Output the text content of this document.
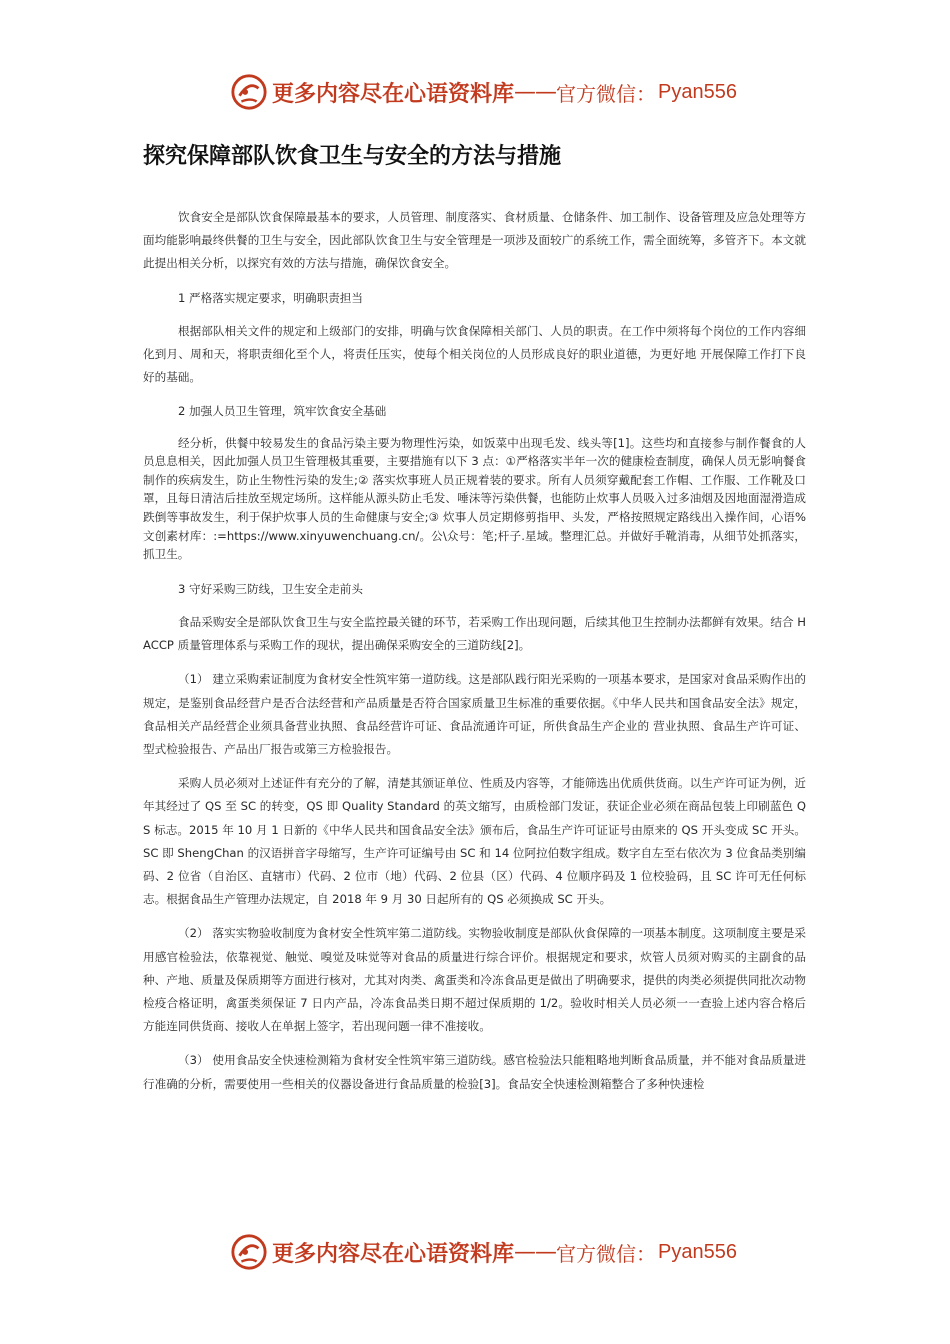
更多内容尽在心语资料库 —— 官方微信： Pyan556
探究保障部队饮食卫生与安全的方法与措施

饮食安全是部队饮食保障最基本的要求，人员管理、制度落实、食材质量、仓储条件、加工制作、设备管理及应急处理等方面均能影响最终供餐的卫生与安全，因此部队饮食卫生与安全管理是一项涉及面较广的系统工作，需全面统筹，多管齐下。本文就此提出相关分析，以探究有效的方法与措施，确保饮食安全。

1 严格落实规定要求，明确职责担当

根据部队相关文件的规定和上级部门的安排，明确与饮食保障相关部门、人员的职责。在工作中须将每个岗位的工作内容细化到月、周和天，将职责细化至个人，将责任压实，使每个相关岗位的人员形成良好的职业道德，为更好地 开展保障工作打下良好的基础。

2 加强人员卫生管理，筑牢饮食安全基础

经分析，供餐中较易发生的食品污染主要为物理性污染，如饭菜中出现毛发、线头等[1]。这些均和直接参与制作餐食的人员息息相关，因此加强人员卫生管理极其重要，主要措施有以下 3 点：①严格落实半年一次的健康检查制度，确保人员无影响餐食制作的疾病发生，防止生物性污染的发生;② 落实炊事班人员正规着装的要求。所有人员须穿戴配套工作帽、工作服、工作靴及口罩，且每日清洁后挂放至规定场所。这样能从源头防止毛发、唾沫等污染供餐，也能防止炊事人员吸入过多油烟及因地面湿滑造成跌倒等事故发生，利于保护炊事人员的生命健康与安全;③ 炊事人员定期修剪指甲、头发，严格按照规定路线出入操作间，心语%文创素材库：:=https://www.xinyuwenchuang.cn/。公\众号：笔;杆子.星域。整理汇总。并做好手靴消毒，从细节处抓落实，抓卫生。

3 守好采购三防线，卫生安全走前头

食品采购安全是部队饮食卫生与安全监控最关键的环节，若采购工作出现问题，后续其他卫生控制办法都鲜有效果。结合 HACCP 质量管理体系与采购工作的现状，提出确保采购安全的三道防线[2]。

（1） 建立采购索证制度为食材安全性筑牢第一道防线。这是部队践行阳光采购的一项基本要求，是国家对食品采购作出的规定，是鉴别食品经营户是否合法经营和产品质量是否符合国家质量卫生标准的重要依据。《中华人民共和国食品安全法》规定，食品相关产品经营企业须具备营业执照、食品经营许可证、食品流通许可证，所供食品生产企业的 营业执照、食品生产许可证、型式检验报告、产品出厂报告或第三方检验报告。

采购人员必须对上述证件有充分的了解，清楚其颁证单位、性质及内容等，才能筛选出优质供货商。以生产许可证为例，近年其经过了 QS 至 SC 的转变，QS 即 Quality Standard 的英文缩写，由质检部门发证，获证企业必须在商品包装上印刷蓝色 QS 标志。2015 年 10 月 1 日新的《中华人民共和国食品安全法》颁布后，食品生产许可证证号由原来的 QS 开头变成 SC 开头。SC 即 ShengChan 的汉语拼音字母缩写，生产许可证编号由 SC 和 14 位阿拉伯数字组成。数字自左至右依次为 3 位食品类别编码、2 位省（自治区、直辖市）代码、2 位市（地）代码、2 位县（区）代码、4 位顺序码及 1 位校验码，且 SC 许可无任何标志。根据食品生产管理办法规定，自 2018 年 9 月 30 日起所有的 QS 必须换成 SC 开头。

（2） 落实实物验收制度为食材安全性筑牢第二道防线。实物验收制度是部队伙食保障的一项基本制度。这项制度主要是采用感官检验法，依靠视觉、触觉、嗅觉及味觉等对食品的质量进行综合评价。根据规定和要求，炊管人员须对购买的主副食的品种、产地、质量及保质期等方面进行核对，尤其对肉类、禽蛋类和冷冻食品更是做出了明确要求，提供的肉类必须提供同批次动物检疫合格证明，禽蛋类须保证 7 日内产品，冷冻食品类日期不超过保质期的 1/2。验收时相关人员必须一一查验上述内容合格后方能连同供货商、接收人在单据上签字，若出现问题一律不准接收。

（3） 使用食品安全快速检测箱为食材安全性筑牢第三道防线。感官检验法只能粗略地判断食品质量，并不能对食品质量进行准确的分析，需要使用一些相关的仪器设备进行食品质量的检验[3]。食品安全快速检测箱整合了多种快速检

更多内容尽在心语资料库 —— 官方微信： Pyan556
